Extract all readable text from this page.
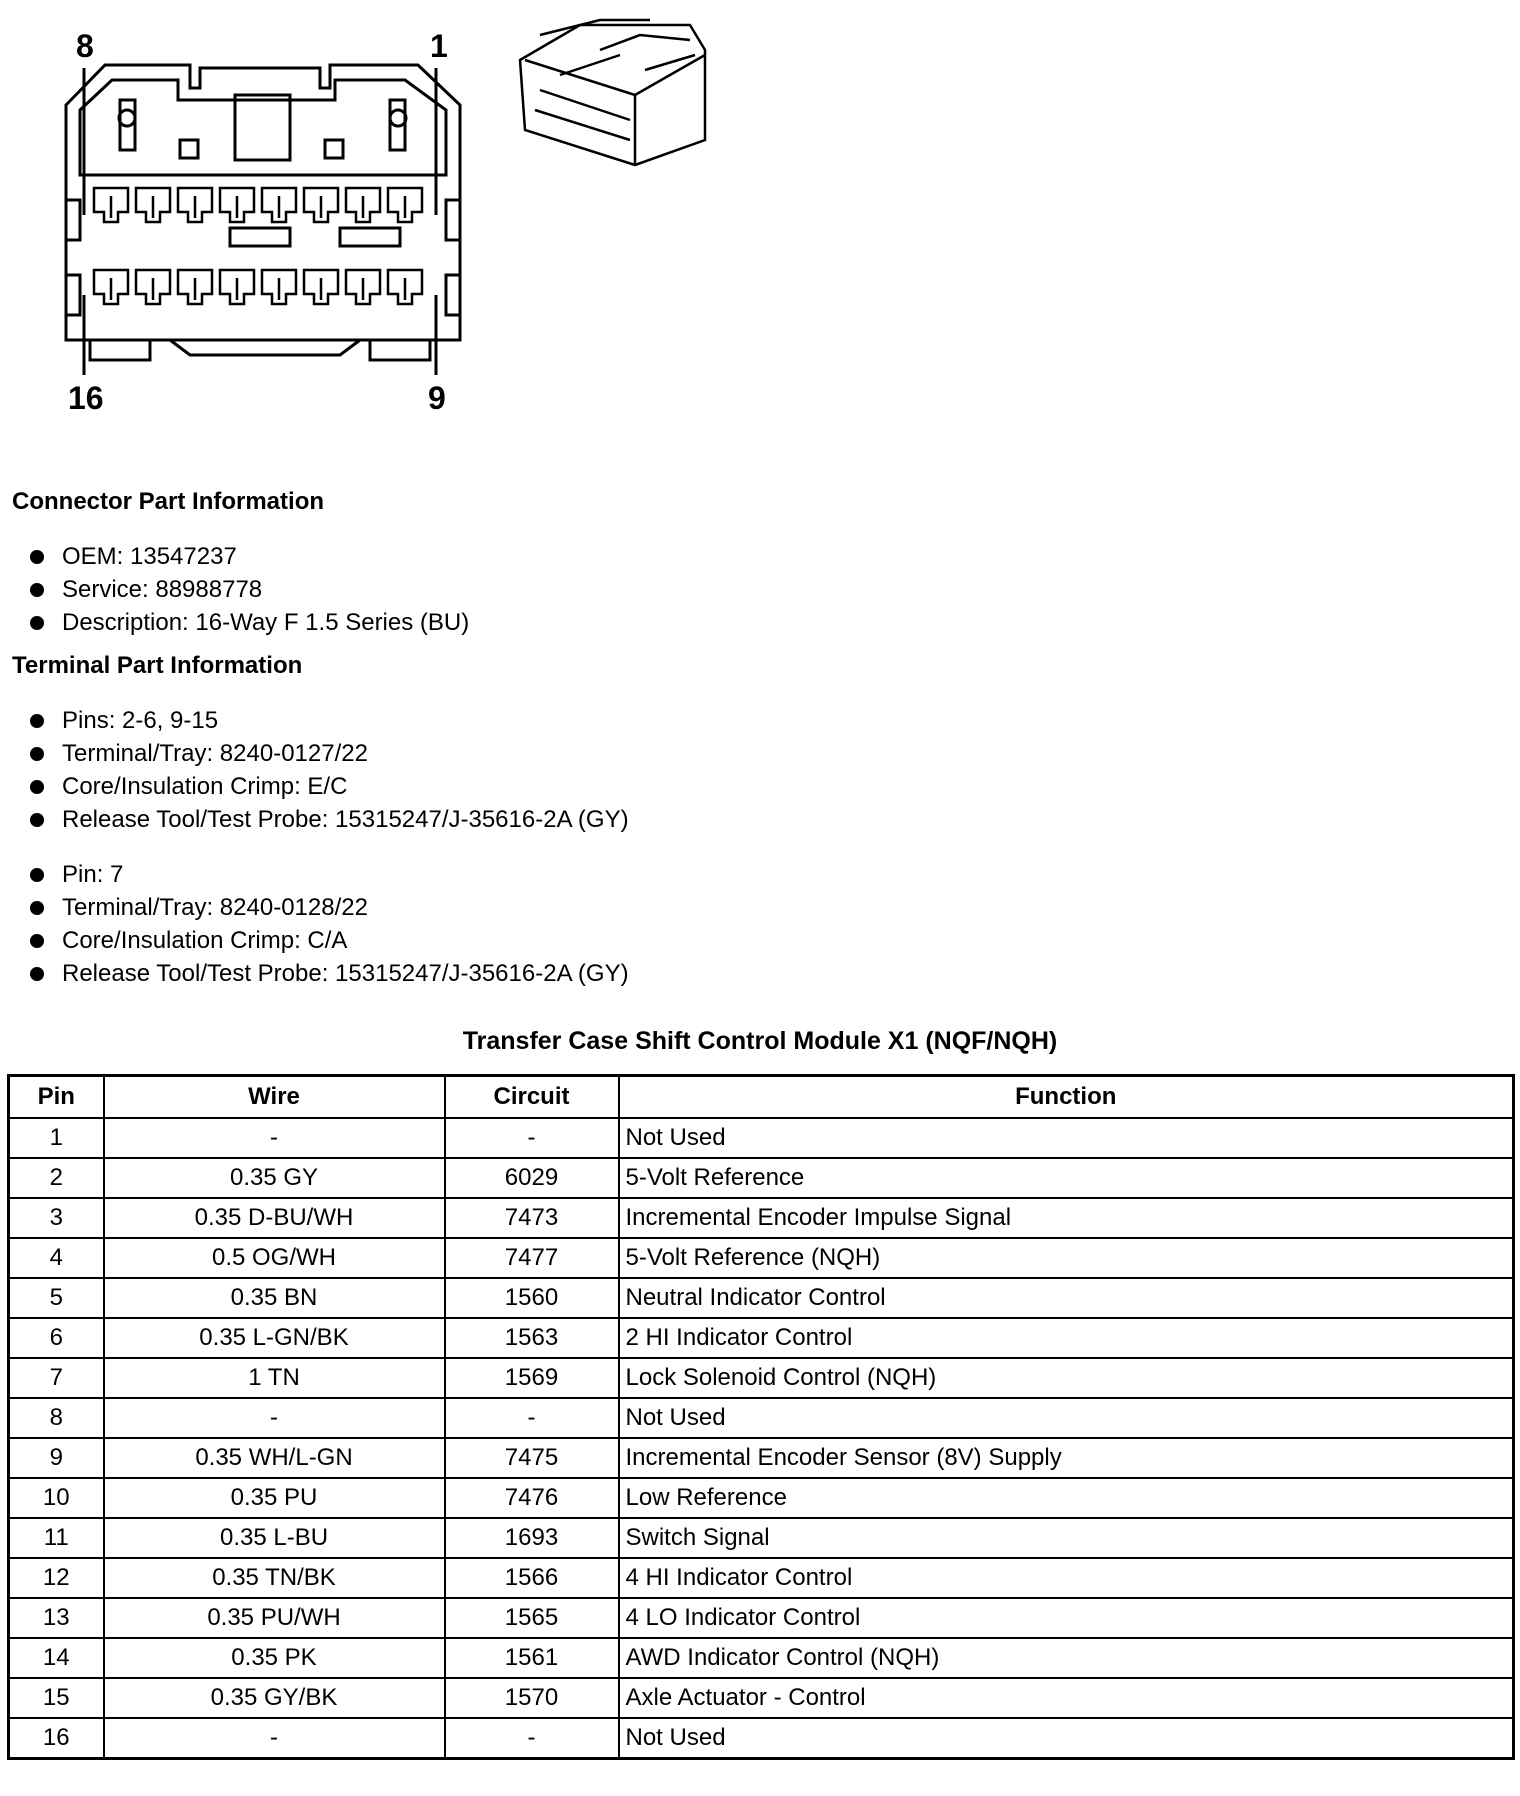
8	1
16	9
Connector Part Information
OEM: 13547237
Service: 88988778
Description: 16-Way F 1.5 Series (BU)
Terminal Part Information
Pins: 2-6, 9-15
Terminal/Tray: 8240-0127/22
Core/Insulation Crimp: E/C
Release Tool/Test Probe: 15315247/J-35616-2A (GY)
Pin: 7
Terminal/Tray: 8240-0128/22
Core/Insulation Crimp: C/A
Release Tool/Test Probe: 15315247/J-35616-2A (GY)
Transfer Case Shift Control Module X1 (NQF/NQH)
Pin	Wire	Circuit	Function
1	-	-	Not Used
2	0.35 GY	6029	5-Volt Reference
3	0.35 D-BU/WH	7473	Incremental Encoder Impulse Signal
4	0.5 OG/WH	7477	5-Volt Reference (NQH)
5	0.35 BN	1560	Neutral Indicator Control
6	0.35 L-GN/BK	1563	2 HI Indicator Control
7	1 TN	1569	Lock Solenoid Control (NQH)
8	-	-	Not Used
9	0.35 WH/L-GN	7475	Incremental Encoder Sensor (8V) Supply
10	0.35 PU	7476	Low Reference
11	0.35 L-BU	1693	Switch Signal
12	0.35 TN/BK	1566	4 HI Indicator Control
13	0.35 PU/WH	1565	4 LO Indicator Control
14	0.35 PK	1561	AWD Indicator Control (NQH)
15	0.35 GY/BK	1570	Axle Actuator - Control
16	-	-	Not Used
